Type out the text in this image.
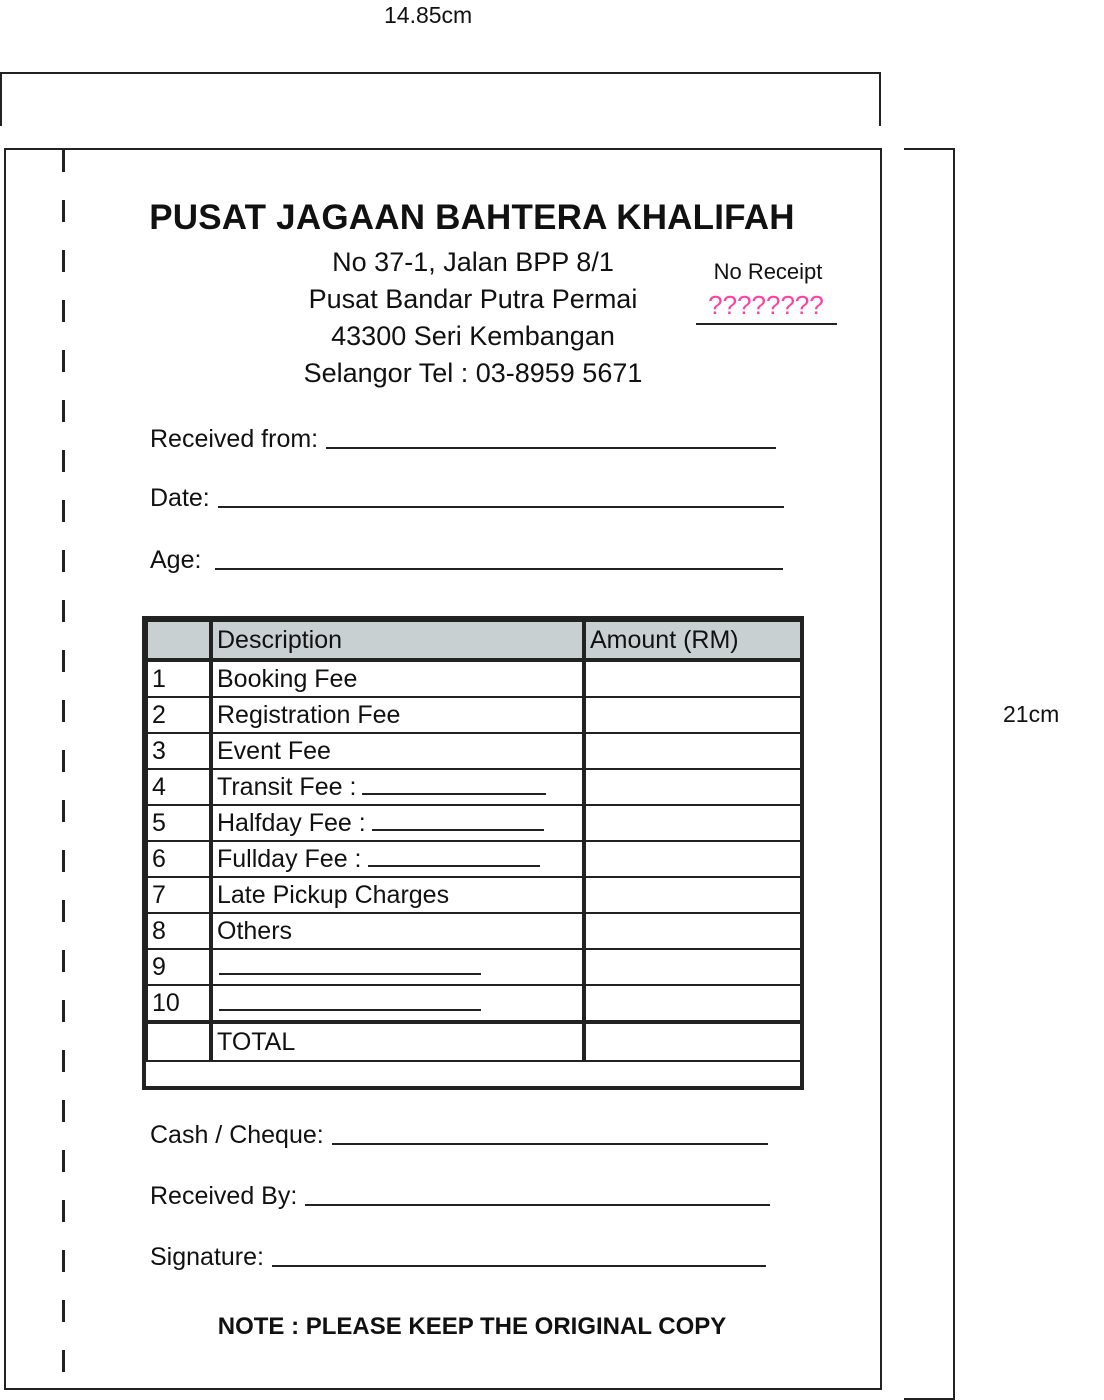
14.85cm
21cm
PUSAT JAGAAN BAHTERA KHALIFAH
No 37-1, Jalan BPP 8/1
Pusat Bandar Putra Permai
43300 Seri Kembangan
Selangor Tel : 03-8959 5671
No Receipt
????????
Received from:
Date:
Age:
	Description	Amount (RM)
1	Booking Fee	
2	Registration Fee	
3	Event Fee	
4	Transit Fee :	
5	Halfday Fee :	
6	Fullday Fee :	
7	Late Pickup Charges	
8	Others	
9		
10		
	TOTAL	
Cash / Cheque:
Received By:
Signature:
NOTE : PLEASE KEEP THE ORIGINAL COPY
